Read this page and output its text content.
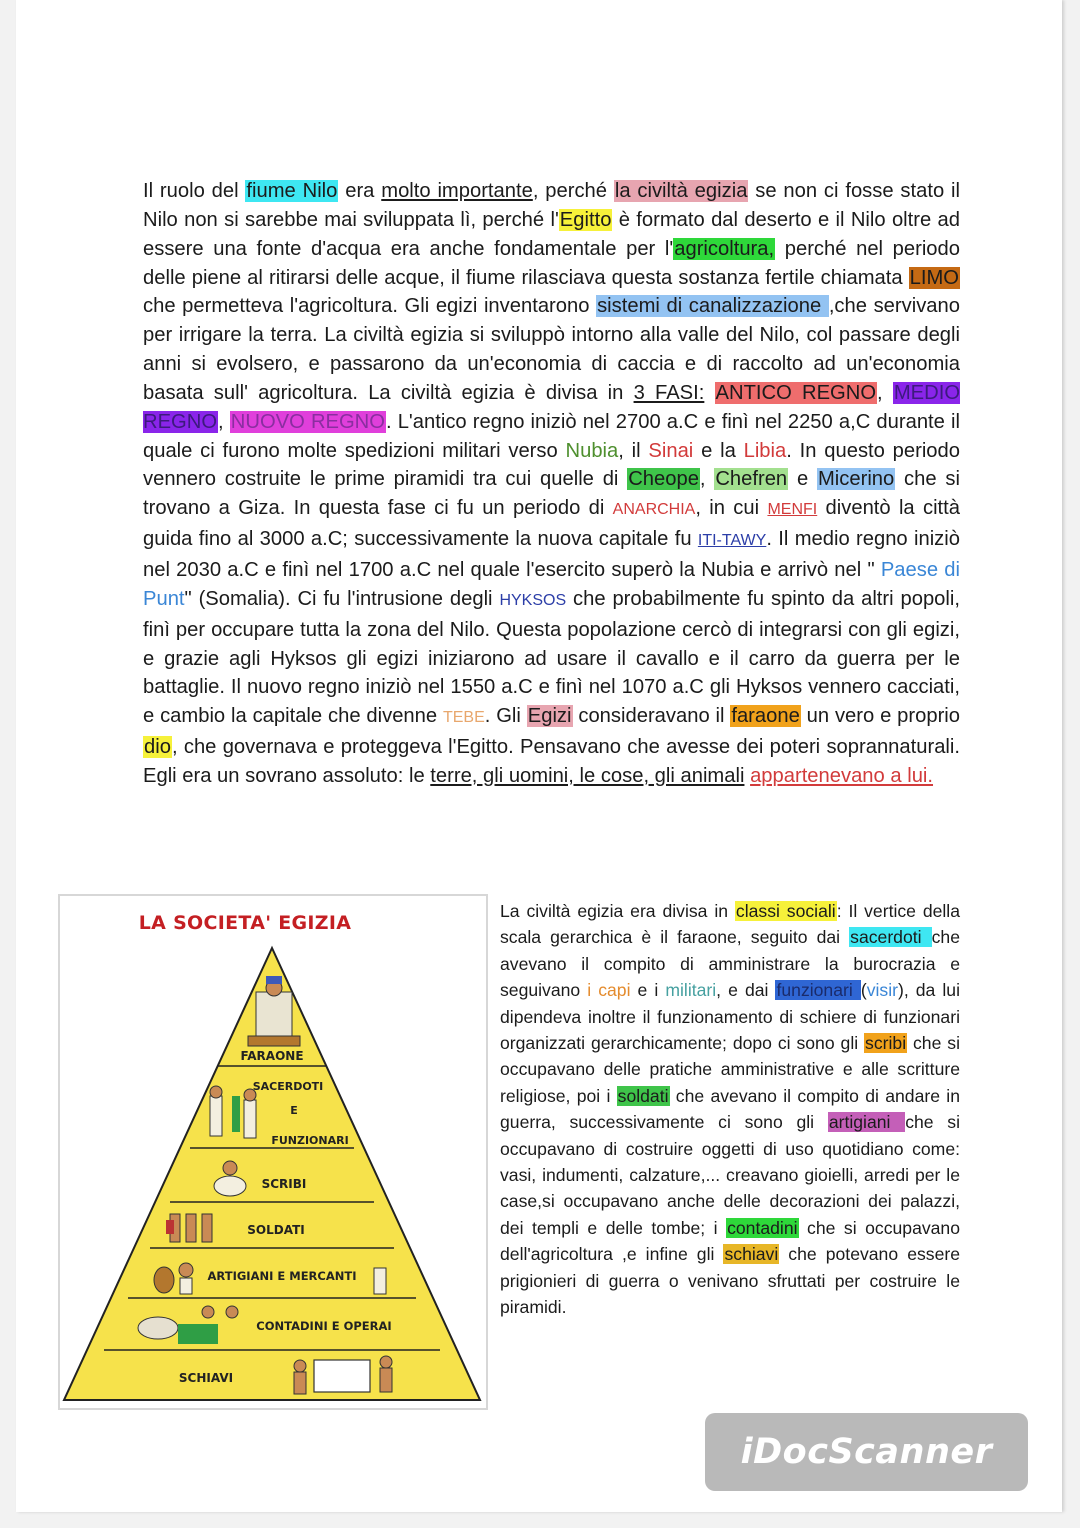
Il ruolo del fiume Nilo era molto importante, perché la civiltà egizia se non ci fosse stato il Nilo non si sarebbe mai sviluppata lì, perché l'Egitto è formato dal deserto e il Nilo oltre ad essere una fonte d'acqua era anche fondamentale per l'agricoltura, perché nel periodo delle piene al ritirarsi delle acque, il fiume rilasciava questa sostanza fertile chiamata LIMO che permetteva l'agricoltura. Gli egizi inventarono sistemi di canalizzazione ,che servivano per irrigare la terra. La civiltà egizia si sviluppò intorno alla valle del Nilo, col passare degli anni si evolsero, e passarono da un'economia di caccia e di raccolto ad un'economia basata sull' agricoltura. La civiltà egizia è divisa in 3 FASI: ANTICO REGNO, MEDIO REGNO, NUOVO REGNO. L'antico regno iniziò nel 2700 a.C e finì nel 2250 a,C durante il quale ci furono molte spedizioni militari verso Nubia, il Sinai e la Libia. In questo periodo vennero costruite le prime piramidi tra cui quelle di Cheope, Chefren e Micerino che si trovano a Giza. In questa fase ci fu un periodo di ANARCHIA, in cui MENFI diventò la città guida fino al 3000 a.C; successivamente la nuova capitale fu ITI-TAWY. Il medio regno iniziò nel 2030 a.C e finì nel 1700 a.C nel quale l'esercito superò la Nubia e arrivò nel " Paese di Punt" (Somalia). Ci fu l'intrusione degli HYKSOS che probabilmente fu spinto da altri popoli, finì per occupare tutta la zona del Nilo. Questa popolazione cercò di integrarsi con gli egizi, e grazie agli Hyksos gli egizi iniziarono ad usare il cavallo e il carro da guerra per le battaglie. Il nuovo regno iniziò nel 1550 a.C e finì nel 1070 a.C gli Hyksos vennero cacciati, e cambio la capitale che divenne TEBE. Gli Egizi consideravano il faraone un vero e proprio dio, che governava e proteggeva l'Egitto. Pensavano che avesse dei poteri soprannaturali. Egli era un sovrano assoluto: le terre, gli uomini, le cose, gli animali appartenevano a lui.

LA SOCIETA' EGIZIA
FARAONE
SACERDOTI
E
FUNZIONARI
SCRIBI
SOLDATI
ARTIGIANI E MERCANTI
CONTADINI E OPERAI
SCHIAVI

La civiltà egizia era divisa in classi sociali: Il vertice della scala gerarchica è il faraone, seguito dai sacerdoti che avevano il compito di amministrare la burocrazia e seguivano i capi e i militari, e dai funzionari (visir), da lui dipendeva inoltre il funzionamento di schiere di funzionari organizzati gerarchicamente; dopo ci sono gli scribi che si occupavano delle pratiche amministrative e alle scritture religiose, poi i soldati che avevano il compito di andare in guerra, successivamente ci sono gli artigiani che si occupavano di costruire oggetti di uso quotidiano come: vasi, indumenti, calzature,... creavano gioielli, arredi per le case,si occupavano anche delle decorazioni dei palazzi, dei templi e delle tombe; i contadini che si occupavano dell'agricoltura ,e infine gli schiavi che potevano essere prigionieri di guerra o venivano sfruttati per costruire le piramidi.

iDocScanner
